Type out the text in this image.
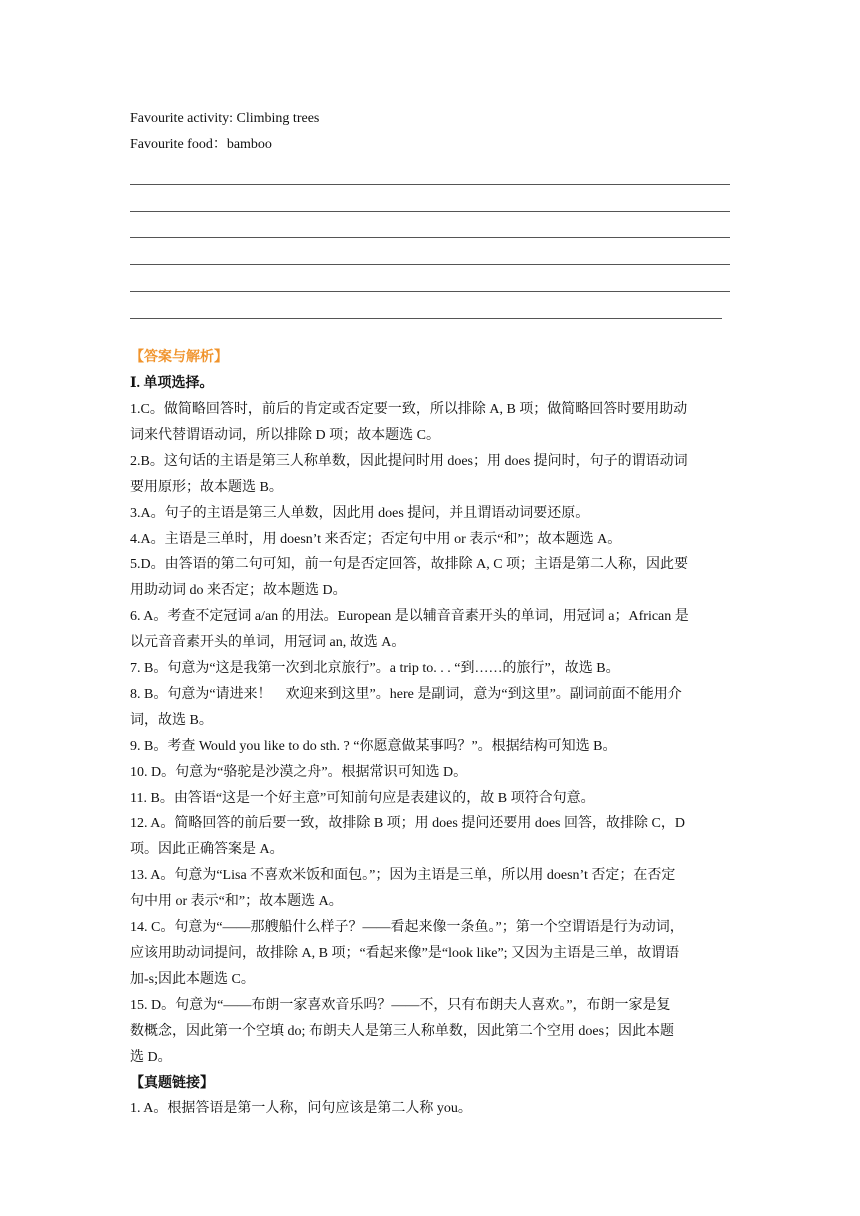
Favourite activity: Climbing trees
Favourite food：bamboo
【答案与解析】
Ⅰ. 单项选择。
1.C。做简略回答时，前后的肯定或否定要一致，所以排除 A, B 项；做简略回答时要用助动
词来代替谓语动词，所以排除 D 项；故本题选 C。
2.B。这句话的主语是第三人称单数，因此提问时用 does；用 does 提问时，句子的谓语动词
要用原形；故本题选 B。
3.A。句子的主语是第三人单数，因此用 does 提问，并且谓语动词要还原。
4.A。主语是三单时，用 doesn’t 来否定；否定句中用 or 表示“和”；故本题选 A。
5.D。由答语的第二句可知，前一句是否定回答，故排除 A, C 项；主语是第二人称，因此要
用助动词 do 来否定；故本题选 D。
6. A。考查不定冠词 a/an 的用法。European 是以辅音音素开头的单词，用冠词 a；African 是
以元音音素开头的单词，用冠词 an, 故选 A。
7. B。句意为“这是我第一次到北京旅行”。a trip to. . . “到……的旅行”，故选 B。
8. B。句意为“请进来！　欢迎来到这里”。here 是副词，意为“到这里”。副词前面不能用介
词，故选 B。
9. B。考查 Would you like to do sth. ? “你愿意做某事吗？”。根据结构可知选 B。
10. D。句意为“骆驼是沙漠之舟”。根据常识可知选 D。
11. B。由答语“这是一个好主意”可知前句应是表建议的，故 B 项符合句意。
12. A。简略回答的前后要一致，故排除 B 项；用 does 提问还要用 does 回答，故排除 C，D
项。因此正确答案是 A。
13. A。句意为“Lisa 不喜欢米饭和面包。”；因为主语是三单，所以用 doesn’t 否定；在否定
句中用 or 表示“和”；故本题选 A。
14. C。句意为“——那艘船什么样子？——看起来像一条鱼。”；第一个空谓语是行为动词，
应该用助动词提问，故排除 A, B 项；“看起来像”是“look like”; 又因为主语是三单，故谓语
加-s;因此本题选 C。
15. D。句意为“——布朗一家喜欢音乐吗？——不，只有布朗夫人喜欢。”，布朗一家是复
数概念，因此第一个空填 do; 布朗夫人是第三人称单数，因此第二个空用 does；因此本题
选 D。
【真题链接】
1. A。根据答语是第一人称，问句应该是第二人称 you。
